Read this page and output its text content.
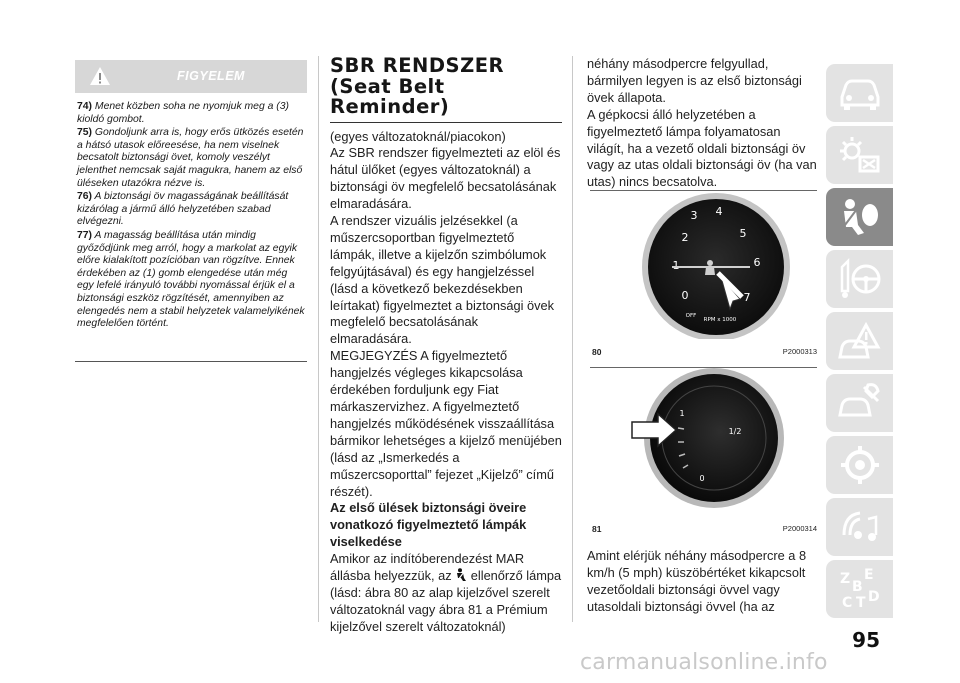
FIGYELEM

74) Menet közben soha ne nyomjuk meg a (3) kioldó gombot.

75) Gondoljunk arra is, hogy erős ütközés esetén a hátsó utasok előreesése, ha nem viselnek becsatolt biztonsági övet, komoly veszélyt jelenthet nemcsak saját magukra, hanem az első üléseken utazókra nézve is.

76) A biztonsági öv magasságának beállítását kizárólag a jármű álló helyzetében szabad elvégezni.

77) A magasság beállítása után mindig győződjünk meg arról, hogy a markolat az egyik előre kialakított pozícióban van rögzítve. Ennek érdekében az (1) gomb elengedése után még egy lefelé irányuló további nyomással érjük el a biztonsági eszköz rögzítését, amennyiben az elengedés nem a stabil helyzetek valamelyikének megfelelően történt.

SBR RENDSZER
(Seat Belt
Reminder)
(egyes változatoknál/piacokon)
Az SBR rendszer figyelmezteti az elöl és hátul ülőket (egyes változatoknál) a biztonsági öv megfelelő becsatolásának elmaradására.
A rendszer vizuális jelzésekkel (a műszercsoportban figyelmeztető lámpák, illetve a kijelzőn szimbólumok felgyújtásával) és egy hangjelzéssel (lásd a következő bekezdésekben leírtakat) figyelmeztet a biztonsági övek megfelelő becsatolásának elmaradására.
MEGJEGYZÉS A figyelmeztető hangjelzés végleges kikapcsolása érdekében forduljunk egy Fiat márkaszervizhez. A figyelmeztető hangjelzés működésének visszaállítása bármikor lehetséges a kijelző menüjében (lásd az „Ismerkedés a műszercsoporttal” fejezet „Kijelző” című részét).
Az első ülések biztonsági öveire vonatkozó figyelmeztető lámpák viselkedése
Amikor az indítóberendezést MAR állásba helyezzük, az ellenőrző lámpa (lásd: ábra 80 az alap kijelzővel szerelt változatoknál vagy ábra 81 a Prémium kijelzővel szerelt változatoknál)
néhány másodpercre felgyullad, bármilyen legyen is az első biztonsági övek állapota.
A gépkocsi álló helyzetében a figyelmeztető lámpa folyamatosan világít, ha a vezető oldali biztonsági öv vagy az utas oldali biztonsági öv (ha van utas) nincs becsatolva.
3 4
5
6
7
2
1
0
OFF
RPM x 1000
80	P2000313
1
1/2
0
81	P2000314
Amint elérjük néhány másodpercre a 8 km/h (5 mph) küszöbértéket kikapcsolt vezetőoldali biztonsági övvel vagy utasoldali biztonsági övvel (ha az
Z E
B
C T D
95
carmanualsonline.info
